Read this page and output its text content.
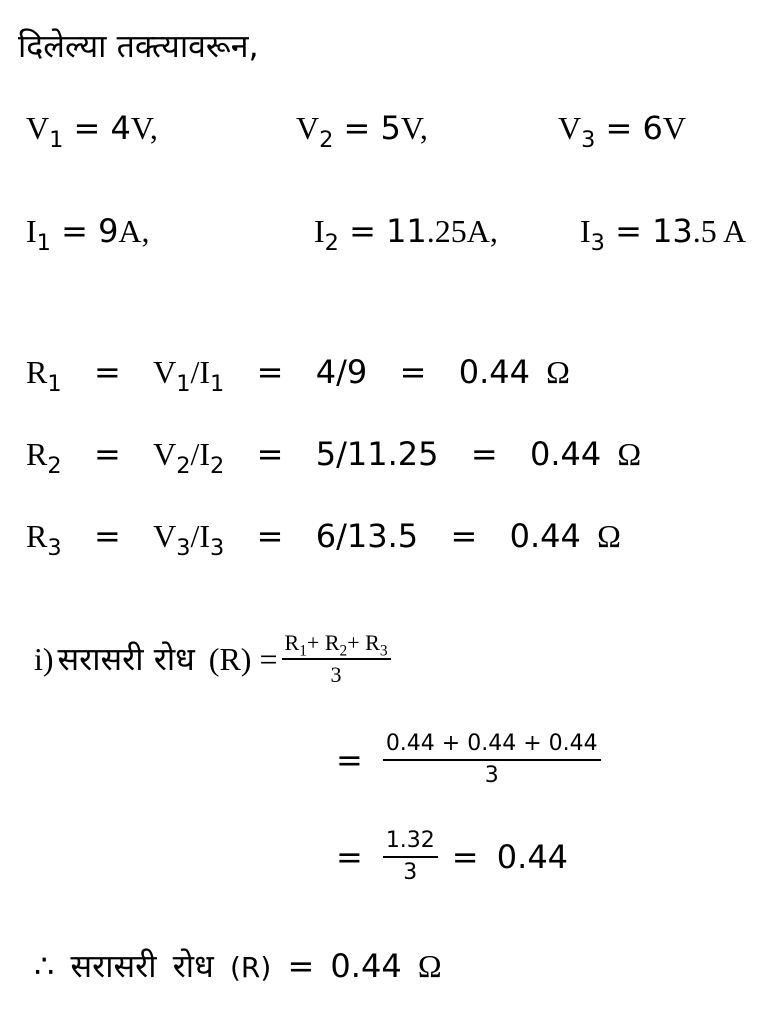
दिलेल्या तक्त्यावरून,
$V_1 = 4V$,	$V_2 = 5V$,	$V_3 = 6V$
$I_1 = 9A$,	$I_2 = 11.25A$,	$I_3 = 13.5$ A
$R_1 = V_1/I_1 = 4/9 = 0.44$ Ω
$R_2 = V_2/I_2 = 5/11.25 = 0.44$ Ω
$R_3 = V_3/I_3 = 6/13.5 = 0.44$ Ω
i) सरासरी रोध $(R) = \frac{R_1+ R_2+ R_3}{3}$
= $\frac{0.44 + 0.44 + 0.44}{3}$
= $\frac{1.32}{3} = 0.44$
∴ सरासरी रोध (R) = 0.44 Ω
